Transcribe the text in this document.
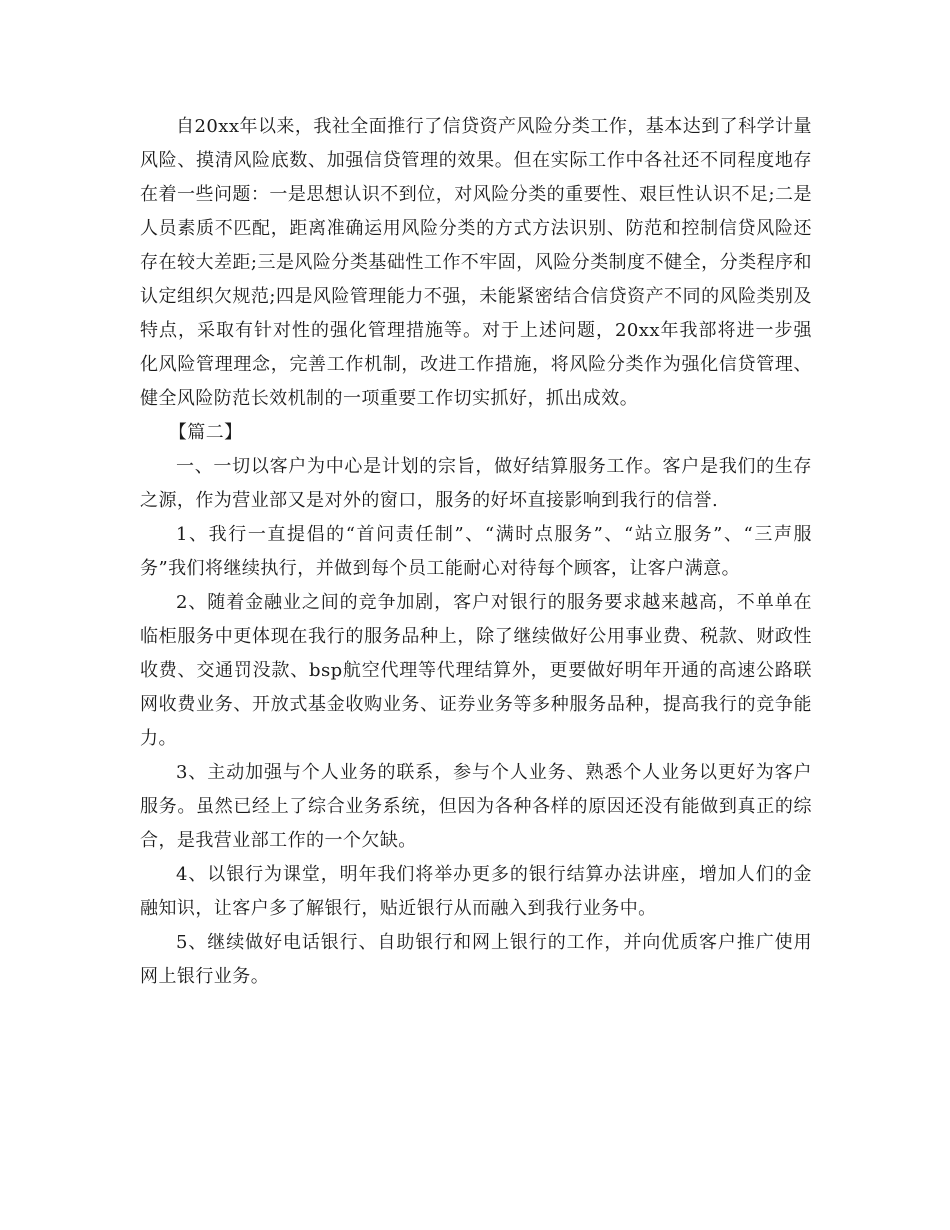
自20xx年以来，我社全面推行了信贷资产风险分类工作，基本达到了科学计量风险、摸清风险底数、加强信贷管理的效果。但在实际工作中各社还不同程度地存在着一些问题：一是思想认识不到位，对风险分类的重要性、艰巨性认识不足;二是人员素质不匹配，距离准确运用风险分类的方式方法识别、防范和控制信贷风险还存在较大差距;三是风险分类基础性工作不牢固，风险分类制度不健全，分类程序和认定组织欠规范;四是风险管理能力不强，未能紧密结合信贷资产不同的风险类别及特点，采取有针对性的强化管理措施等。对于上述问题，20xx年我部将进一步强化风险管理理念，完善工作机制，改进工作措施，将风险分类作为强化信贷管理、健全风险防范长效机制的一项重要工作切实抓好，抓出成效。

【篇二】

一、一切以客户为中心是计划的宗旨，做好结算服务工作。客户是我们的生存之源，作为营业部又是对外的窗口，服务的好坏直接影响到我行的信誉.

1、我行一直提倡的“首问责任制”、“满时点服务”、“站立服务”、“三声服务”我们将继续执行，并做到每个员工能耐心对待每个顾客，让客户满意。

2、随着金融业之间的竞争加剧，客户对银行的服务要求越来越高，不单单在临柜服务中更体现在我行的服务品种上，除了继续做好公用事业费、税款、财政性收费、交通罚没款、bsp航空代理等代理结算外，更要做好明年开通的高速公路联网收费业务、开放式基金收购业务、证券业务等多种服务品种，提高我行的竞争能力。

3、主动加强与个人业务的联系，参与个人业务、熟悉个人业务以更好为客户服务。虽然已经上了综合业务系统，但因为各种各样的原因还没有能做到真正的综合，是我营业部工作的一个欠缺。

4、以银行为课堂，明年我们将举办更多的银行结算办法讲座，增加人们的金融知识，让客户多了解银行，贴近银行从而融入到我行业务中。

5、继续做好电话银行、自助银行和网上银行的工作，并向优质客户推广使用网上银行业务。
